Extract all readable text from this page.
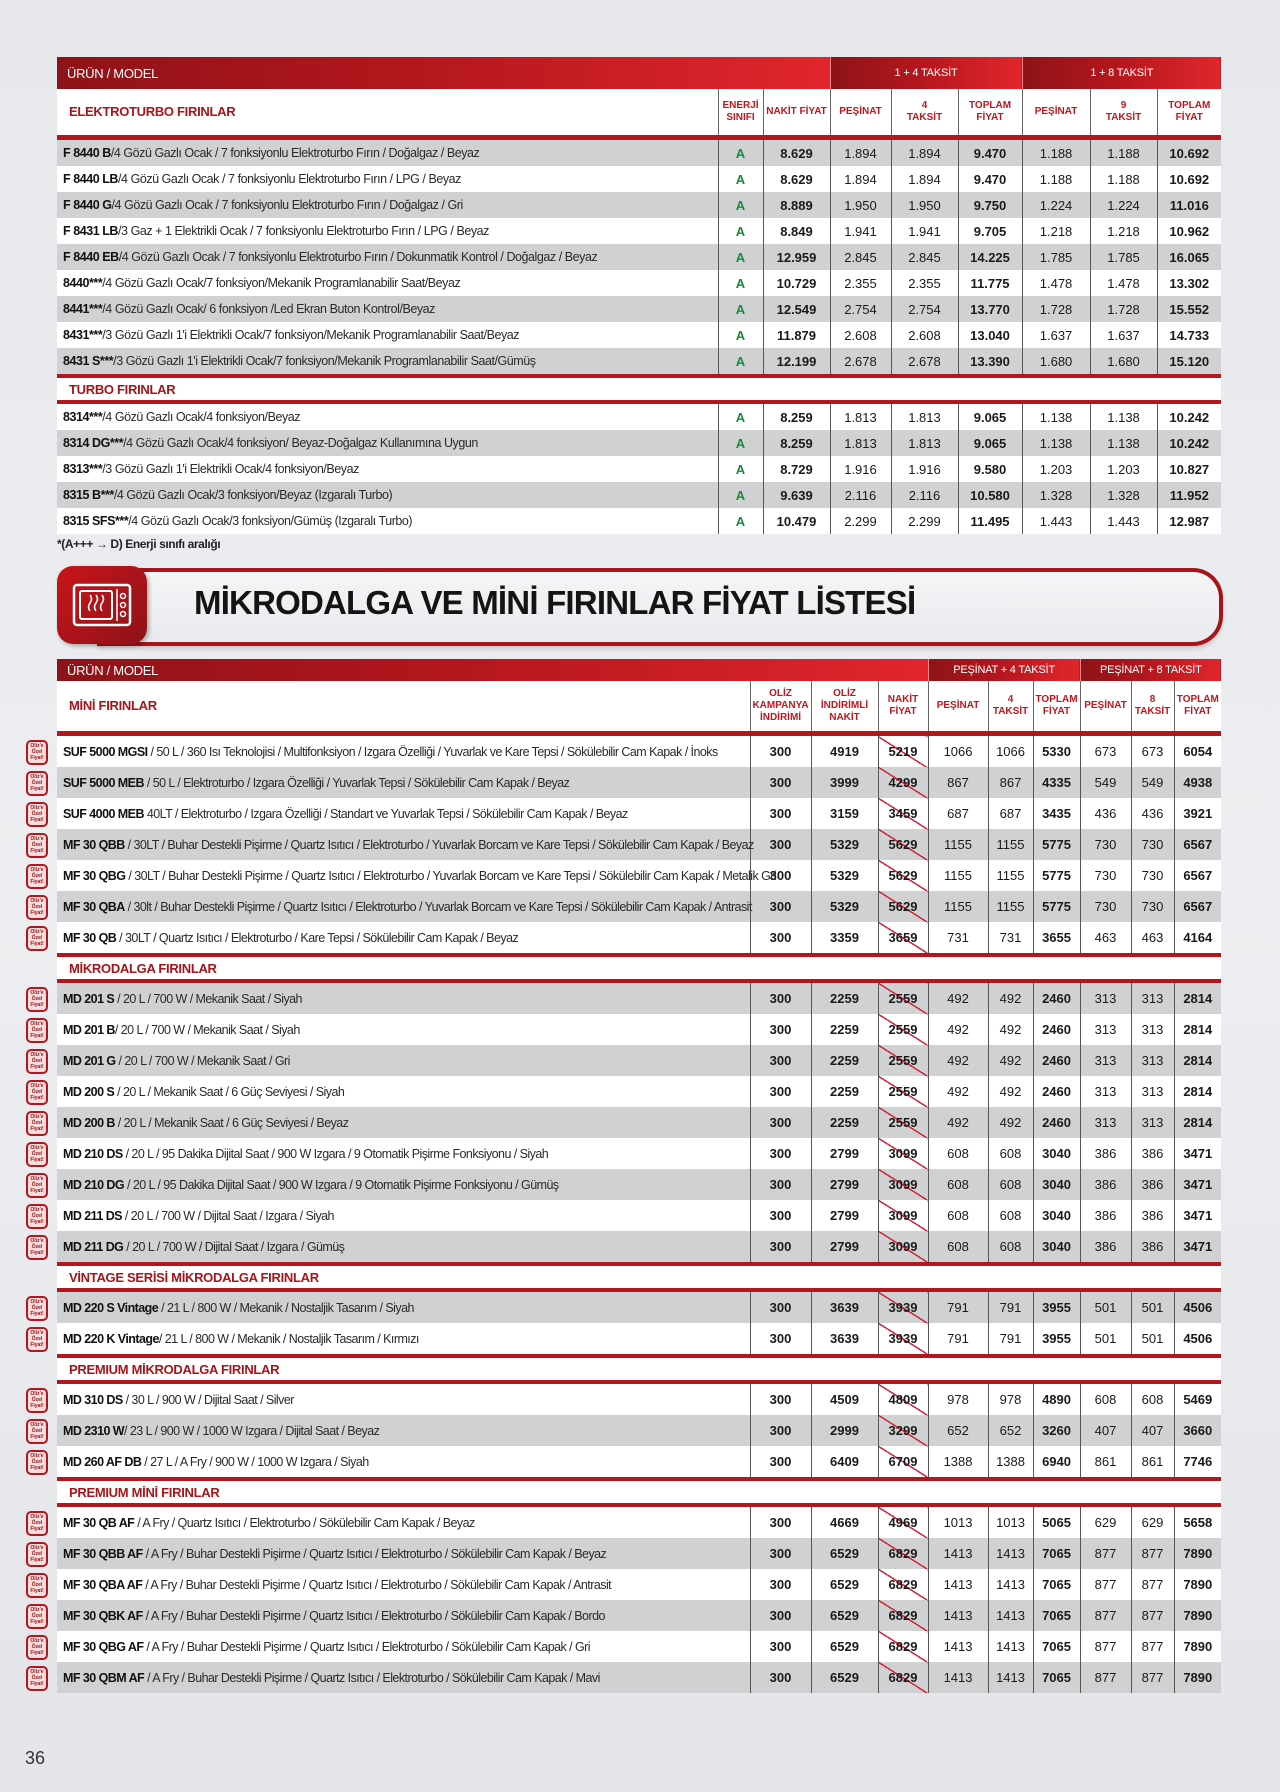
ÜRÜN / MODEL			1 + 4 TAKSİT			1 + 8 TAKSİT		
ELEKTROTURBO FIRINLAR	ENERJİ
SINIFI	NAKİT FİYAT	PEŞİNAT	4
TAKSİT	TOPLAM
FİYAT	PEŞİNAT	9
TAKSİT	TOPLAM
FİYAT
F 8440 B/4 Gözü Gazlı Ocak / 7 fonksiyonlu Elektroturbo Fırın / Doğalgaz / Beyaz	A	8.629	1.894	1.894	9.470	1.188	1.188	10.692
F 8440 LB/4 Gözü Gazlı Ocak / 7 fonksiyonlu Elektroturbo Fırın / LPG / Beyaz	A	8.629	1.894	1.894	9.470	1.188	1.188	10.692
F 8440 G/4 Gözü Gazlı Ocak / 7 fonksiyonlu Elektroturbo Fırın / Doğalgaz / Gri	A	8.889	1.950	1.950	9.750	1.224	1.224	11.016
F 8431 LB/3 Gaz + 1 Elektrikli Ocak / 7 fonksiyonlu Elektroturbo Fırın / LPG / Beyaz	A	8.849	1.941	1.941	9.705	1.218	1.218	10.962
F 8440 EB/4 Gözü Gazlı Ocak / 7 fonksiyonlu Elektroturbo Fırın / Dokunmatik Kontrol / Doğalgaz / Beyaz	A	12.959	2.845	2.845	14.225	1.785	1.785	16.065
8440***/4 Gözü Gazlı Ocak/7 fonksiyon/Mekanik Programlanabilir Saat/Beyaz	A	10.729	2.355	2.355	11.775	1.478	1.478	13.302
8441***/4 Gözü Gazlı Ocak/ 6 fonksiyon /Led Ekran Buton Kontrol/Beyaz	A	12.549	2.754	2.754	13.770	1.728	1.728	15.552
8431***/3 Gözü Gazlı 1'i Elektrikli Ocak/7 fonksiyon/Mekanik Programlanabilir Saat/Beyaz	A	11.879	2.608	2.608	13.040	1.637	1.637	14.733
8431 S***/3 Gözü Gazlı 1'i Elektrikli Ocak/7 fonksiyon/Mekanik Programlanabilir Saat/Gümüş	A	12.199	2.678	2.678	13.390	1.680	1.680	15.120
TURBO FIRINLAR								
8314***/4 Gözü Gazlı Ocak/4 fonksiyon/Beyaz	A	8.259	1.813	1.813	9.065	1.138	1.138	10.242
8314 DG***/4 Gözü Gazlı Ocak/4 fonksiyon/ Beyaz-Doğalgaz Kullanımına Uygun	A	8.259	1.813	1.813	9.065	1.138	1.138	10.242
8313***/3 Gözü Gazlı 1'i Elektrikli Ocak/4 fonksiyon/Beyaz	A	8.729	1.916	1.916	9.580	1.203	1.203	10.827
8315 B***/4 Gözü Gazlı Ocak/3 fonksiyon/Beyaz (Izgaralı Turbo)	A	9.639	2.116	2.116	10.580	1.328	1.328	11.952
8315 SFS***/4 Gözü Gazlı Ocak/3 fonksiyon/Gümüş (Izgaralı Turbo)	A	10.479	2.299	2.299	11.495	1.443	1.443	12.987
*(A+++ → D) Enerji sınıfı aralığı
MİKRODALGA VE MİNİ FIRINLAR FİYAT LİSTESİ
ÜRÜN / MODEL				PEŞİNAT + 4 TAKSİT			PEŞİNAT + 8 TAKSİT		
MİNİ FIRINLAR	OLİZ
KAMPANYA
İNDİRİMİ	OLİZ
İNDİRİMLİ
NAKİT	NAKİT
FİYAT	PEŞİNAT	4
TAKSİT	TOPLAM
FİYAT	PEŞİNAT	8
TAKSİT	TOPLAM
FİYAT

Oliz'e Özel Fiyat! SUF 5000 MGSI / 50 L / 360 Isı Teknolojisi / Multifonksiyon / Izgara Özelliği / Yuvarlak ve Kare Tepsi / Sökülebilir Cam Kapak / İnoks	300	4919	5219	1066	1066	5330	673	673	6054

Oliz'e Özel Fiyat! SUF 5000 MEB / 50 L / Elektroturbo / Izgara Özelliği / Yuvarlak Tepsi / Sökülebilir Cam Kapak / Beyaz	300	3999	4299	867	867	4335	549	549	4938

Oliz'e Özel Fiyat! SUF 4000 MEB 40LT / Elektroturbo / Izgara Özelliği / Standart ve Yuvarlak Tepsi / Sökülebilir Cam Kapak / Beyaz	300	3159	3459	687	687	3435	436	436	3921

Oliz'e Özel Fiyat! MF 30 QBB / 30LT / Buhar Destekli Pişirme / Quartz Isıtıcı / Elektroturbo / Yuvarlak Borcam ve Kare Tepsi / Sökülebilir Cam Kapak / Beyaz	300	5329	5629	1155	1155	5775	730	730	6567

Oliz'e Özel Fiyat! MF 30 QBG / 30LT / Buhar Destekli Pişirme / Quartz Isıtıcı / Elektroturbo / Yuvarlak Borcam ve Kare Tepsi / Sökülebilir Cam Kapak / Metalik Gri	300	5329	5629	1155	1155	5775	730	730	6567

Oliz'e Özel Fiyat! MF 30 QBA / 30lt / Buhar Destekli Pişirme / Quartz Isıtıcı / Elektroturbo / Yuvarlak Borcam ve Kare Tepsi / Sökülebilir Cam Kapak / Antrasit	300	5329	5629	1155	1155	5775	730	730	6567

Oliz'e Özel Fiyat! MF 30 QB / 30LT / Quartz Isıtıcı / Elektroturbo / Kare Tepsi / Sökülebilir Cam Kapak / Beyaz	300	3359	3659	731	731	3655	463	463	4164
MİKRODALGA FIRINLAR									

Oliz'e Özel Fiyat! MD 201 S / 20 L / 700 W / Mekanik Saat / Siyah	300	2259	2559	492	492	2460	313	313	2814

Oliz'e Özel Fiyat! MD 201 B/ 20 L / 700 W / Mekanik Saat / Siyah	300	2259	2559	492	492	2460	313	313	2814

Oliz'e Özel Fiyat! MD 201 G / 20 L / 700 W / Mekanik Saat / Gri	300	2259	2559	492	492	2460	313	313	2814

Oliz'e Özel Fiyat! MD 200 S / 20 L / Mekanik Saat / 6 Güç Seviyesi / Siyah	300	2259	2559	492	492	2460	313	313	2814

Oliz'e Özel Fiyat! MD 200 B / 20 L / Mekanik Saat / 6 Güç Seviyesi / Beyaz	300	2259	2559	492	492	2460	313	313	2814

Oliz'e Özel Fiyat! MD 210 DS / 20 L / 95 Dakika Dijital Saat / 900 W Izgara / 9 Otomatik Pişirme Fonksiyonu / Siyah	300	2799	3099	608	608	3040	386	386	3471

Oliz'e Özel Fiyat! MD 210 DG / 20 L / 95 Dakika Dijital Saat / 900 W Izgara / 9 Otomatik Pişirme Fonksiyonu / Gümüş	300	2799	3099	608	608	3040	386	386	3471

Oliz'e Özel Fiyat! MD 211 DS / 20 L / 700 W / Dijital Saat / Izgara / Siyah	300	2799	3099	608	608	3040	386	386	3471

Oliz'e Özel Fiyat! MD 211 DG / 20 L / 700 W / Dijital Saat / Izgara / Gümüş	300	2799	3099	608	608	3040	386	386	3471
VİNTAGE SERİSİ MİKRODALGA FIRINLAR									

Oliz'e Özel Fiyat! MD 220 S Vintage / 21 L / 800 W / Mekanik / Nostaljik Tasarım / Siyah	300	3639	3939	791	791	3955	501	501	4506

Oliz'e Özel Fiyat! MD 220 K Vintage/ 21 L / 800 W / Mekanik / Nostaljik Tasarım / Kırmızı	300	3639	3939	791	791	3955	501	501	4506
PREMIUM MİKRODALGA FIRINLAR									

Oliz'e Özel Fiyat! MD 310 DS / 30 L / 900 W / Dijital Saat / Silver	300	4509	4809	978	978	4890	608	608	5469

Oliz'e Özel Fiyat! MD 2310 W/ 23 L / 900 W / 1000 W Izgara / Dijital Saat / Beyaz	300	2999	3299	652	652	3260	407	407	3660

Oliz'e Özel Fiyat! MD 260 AF DB / 27 L / A Fry / 900 W / 1000 W Izgara / Siyah	300	6409	6709	1388	1388	6940	861	861	7746
PREMIUM MİNİ FIRINLAR									

Oliz'e Özel Fiyat! MF 30 QB AF / A Fry / Quartz Isıtıcı / Elektroturbo / Sökülebilir Cam Kapak / Beyaz	300	4669	4969	1013	1013	5065	629	629	5658

Oliz'e Özel Fiyat! MF 30 QBB AF / A Fry / Buhar Destekli Pişirme / Quartz Isıtıcı / Elektroturbo / Sökülebilir Cam Kapak / Beyaz	300	6529	6829	1413	1413	7065	877	877	7890

Oliz'e Özel Fiyat! MF 30 QBA AF / A Fry / Buhar Destekli Pişirme / Quartz Isıtıcı / Elektroturbo / Sökülebilir Cam Kapak / Antrasit	300	6529	6829	1413	1413	7065	877	877	7890

Oliz'e Özel Fiyat! MF 30 QBK AF / A Fry / Buhar Destekli Pişirme / Quartz Isıtıcı / Elektroturbo / Sökülebilir Cam Kapak / Bordo	300	6529	6829	1413	1413	7065	877	877	7890

Oliz'e Özel Fiyat! MF 30 QBG AF / A Fry / Buhar Destekli Pişirme / Quartz Isıtıcı / Elektroturbo / Sökülebilir Cam Kapak / Gri	300	6529	6829	1413	1413	7065	877	877	7890

Oliz'e Özel Fiyat! MF 30 QBM AF / A Fry / Buhar Destekli Pişirme / Quartz Isıtıcı / Elektroturbo / Sökülebilir Cam Kapak / Mavi	300	6529	6829	1413	1413	7065	877	877	7890
36
